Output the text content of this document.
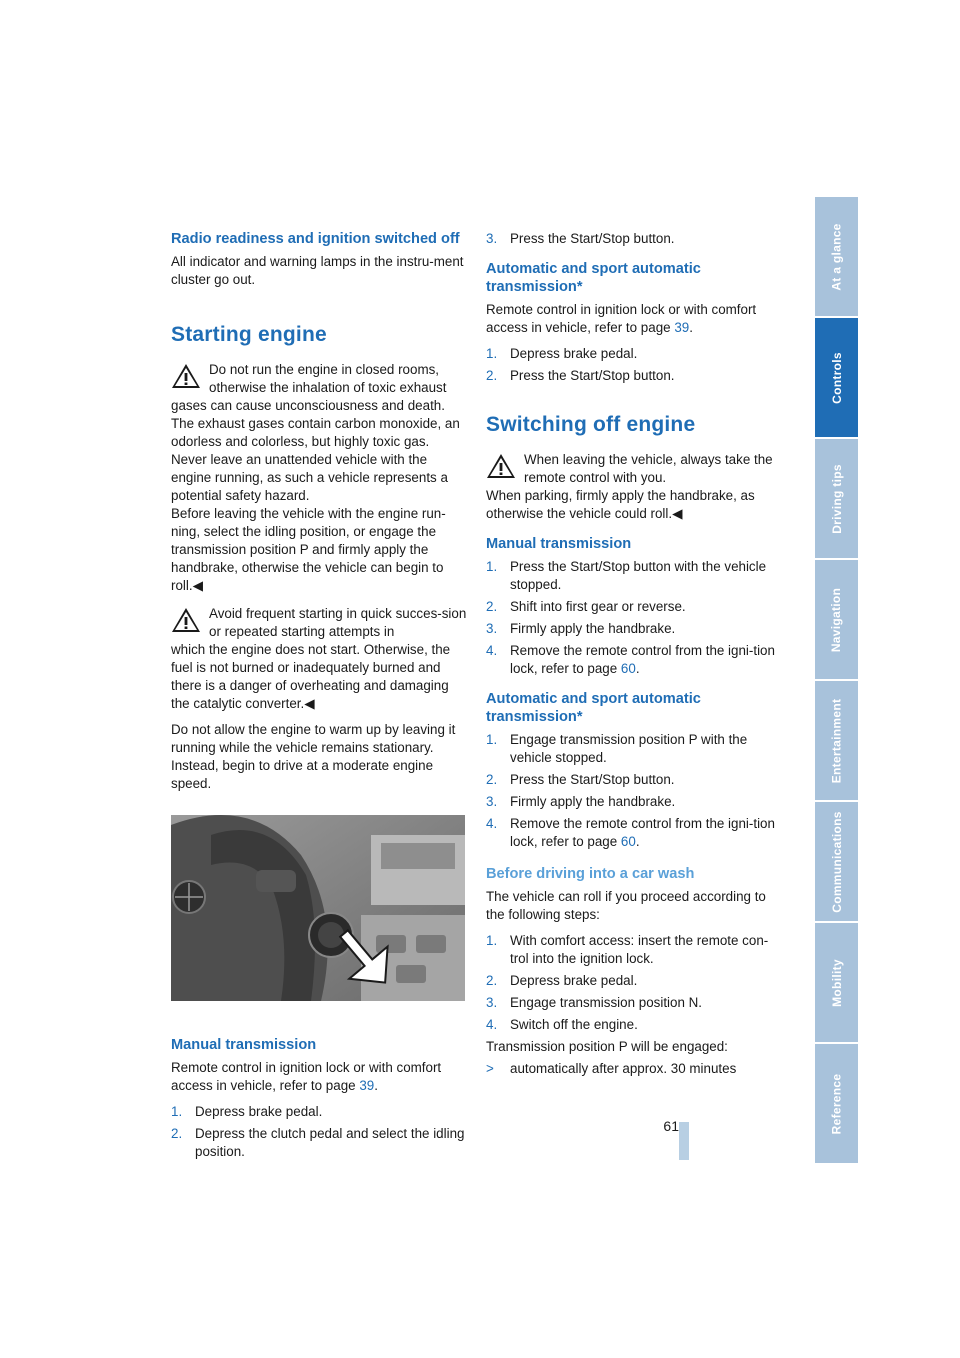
Radio readiness and ignition switched off
All indicator and warning lamps in the instru-ment cluster go out.
Starting engine
Do not run the engine in closed rooms, otherwise the inhalation of toxic exhaust
gases can cause unconsciousness and death. The exhaust gases contain carbon monoxide, an odorless and colorless, but highly toxic gas. Never leave an unattended vehicle with the engine running, as such a vehicle represents a potential safety hazard.
Before leaving the vehicle with the engine run-ning, select the idling position, or engage the transmission position P and firmly apply the handbrake, otherwise the vehicle can begin to roll.◀
Avoid frequent starting in quick succes-sion or repeated starting attempts in
which the engine does not start. Otherwise, the fuel is not burned or inadequately burned and there is a danger of overheating and damaging the catalytic converter.◀
Do not allow the engine to warm up by leaving it running while the vehicle remains stationary. Instead, begin to drive at a moderate engine speed.
Manual transmission
Remote control in ignition lock or with comfort access in vehicle, refer to page 39.
1. Depress brake pedal.
2. Depress the clutch pedal and select the idling position.
3. Press the Start/Stop button.
Automatic and sport automatic transmission*
Remote control in ignition lock or with comfort access in vehicle, refer to page 39.
1. Depress brake pedal.
2. Press the Start/Stop button.
Switching off engine
When leaving the vehicle, always take the remote control with you.
When parking, firmly apply the handbrake, as otherwise the vehicle could roll.◀
Manual transmission
1. Press the Start/Stop button with the vehicle stopped.
2. Shift into first gear or reverse.
3. Firmly apply the handbrake.
4. Remove the remote control from the igni-tion lock, refer to page 60.
Automatic and sport automatic transmission*
1. Engage transmission position P with the vehicle stopped.
2. Press the Start/Stop button.
3. Firmly apply the handbrake.
4. Remove the remote control from the igni-tion lock, refer to page 60.
Before driving into a car wash
The vehicle can roll if you proceed according to the following steps:
1. With comfort access: insert the remote con-trol into the ignition lock.
2. Depress brake pedal.
3. Engage transmission position N.
4. Switch off the engine.
Transmission position P will be engaged:
> automatically after approx. 30 minutes
61
At a glance
Controls
Driving tips
Navigation
Entertainment
Communications
Mobility
Reference
